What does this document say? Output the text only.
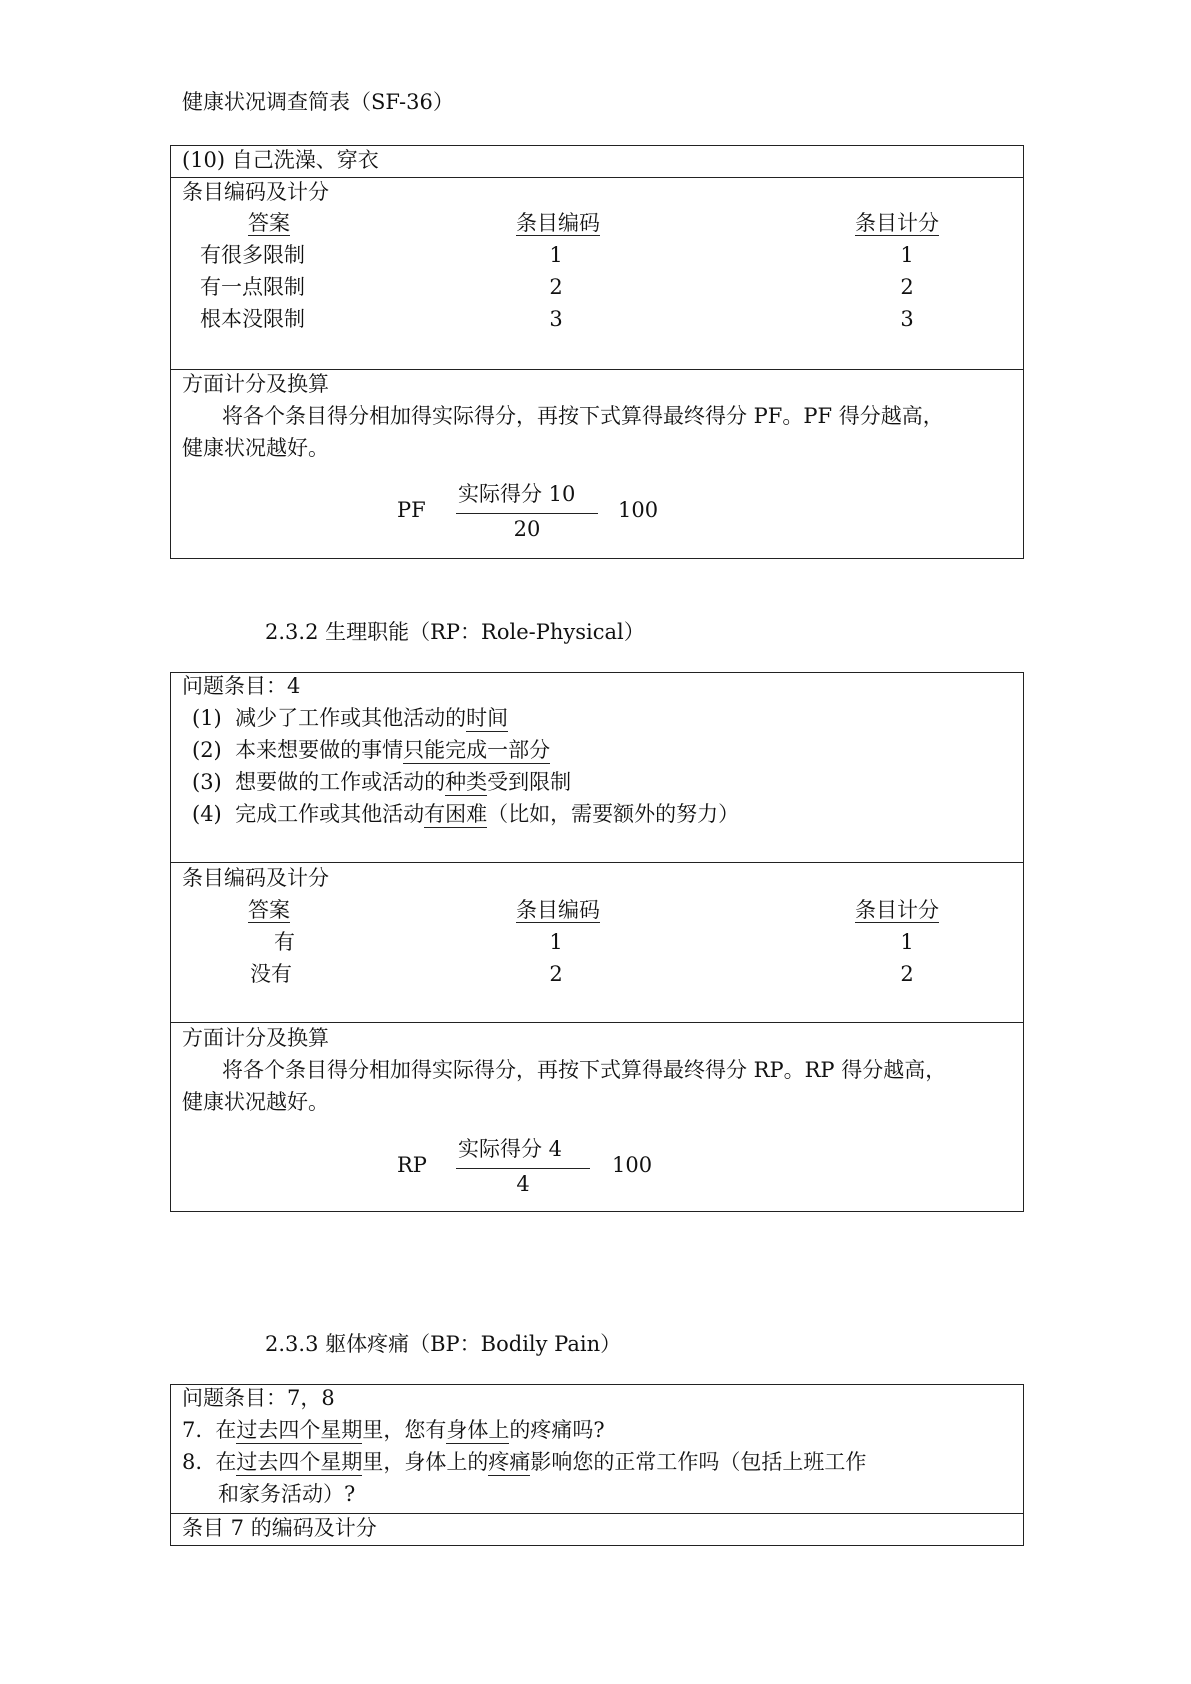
健康状况调查简表（SF-36）
(10) 自己洗澡、穿衣
条目编码及计分
答案	条目编码	条目计分
有很多限制	1	1
有一点限制	2	2
根本没限制	3	3
方面计分及换算
将各个条目得分相加得实际得分，再按下式算得最终得分 PF。PF 得分越高，
健康状况越好。
PF
实际得分 10
20
100
2.3.2 生理职能（RP：Role-Physical）
问题条目：4
(1) 减少了工作或其他活动的时间
(2) 本来想要做的事情只能完成一部分
(3) 想要做的工作或活动的种类受到限制
(4) 完成工作或其他活动有困难（比如，需要额外的努力）
条目编码及计分
答案	条目编码	条目计分
有	1	1
没有	2	2
方面计分及换算
将各个条目得分相加得实际得分，再按下式算得最终得分 RP。RP 得分越高，
健康状况越好。
RP
实际得分 4
4
100
2.3.3 躯体疼痛（BP：Bodily Pain）
问题条目：7，8
7. 在过去四个星期里，您有身体上的疼痛吗?
8. 在过去四个星期里，身体上的疼痛影响您的正常工作吗（包括上班工作
和家务活动）?
条目 7 的编码及计分
